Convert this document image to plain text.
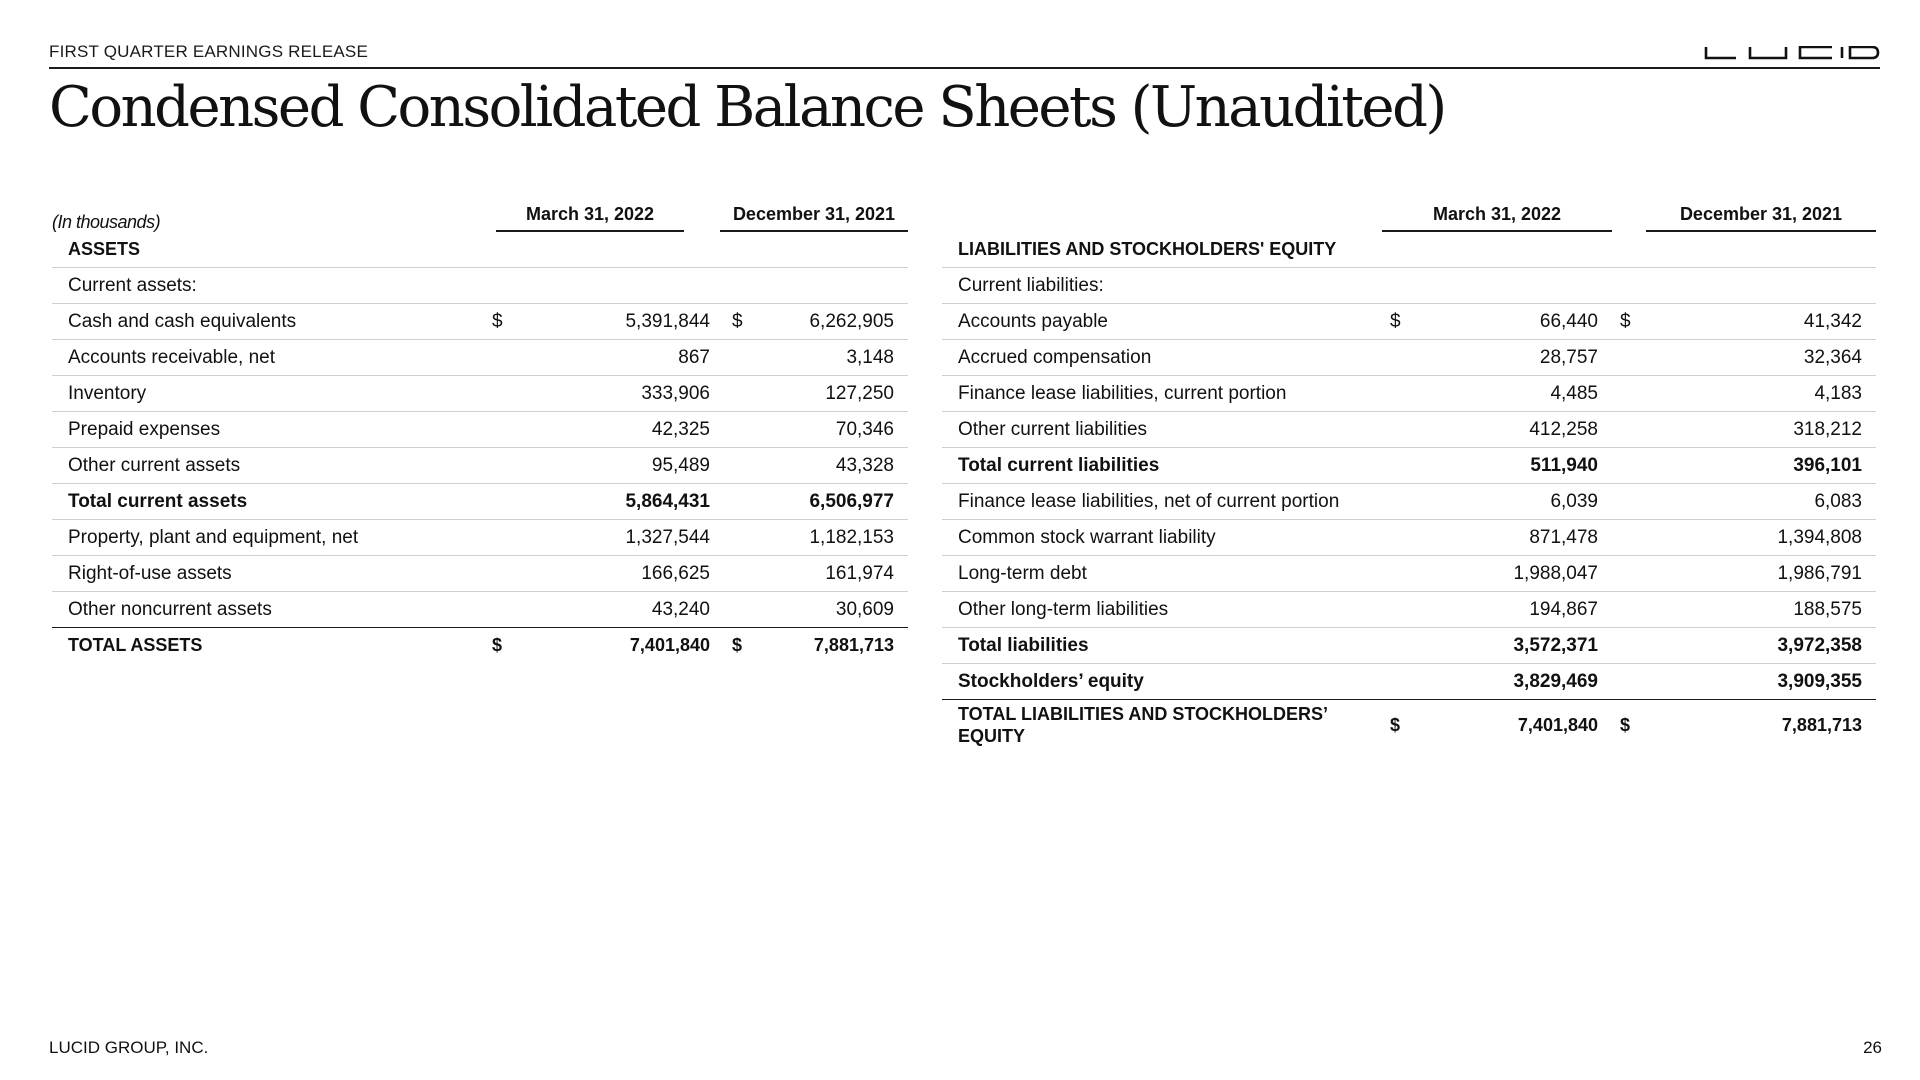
FIRST QUARTER EARNINGS RELEASE
Condensed Consolidated Balance Sheets (Unaudited)
(In thousands)	March 31, 2022	December 31, 2021	March 31, 2022	December 31, 2021
ASSETS				
Current assets:				
Cash and cash equivalents	$	5,391,844	$	6,262,905
Accounts receivable, net		867		3,148
Inventory		333,906		127,250
Prepaid expenses		42,325		70,346
Other current assets		95,489		43,328
Total current assets		5,864,431		6,506,977
Property, plant and equipment, net		1,327,544		1,182,153
Right-of-use assets		166,625		161,974
Other noncurrent assets		43,240		30,609
TOTAL ASSETS	$	7,401,840	$	7,881,713
LIABILITIES AND STOCKHOLDERS' EQUITY				
Current liabilities:				
Accounts payable	$	66,440	$	41,342
Accrued compensation		28,757		32,364
Finance lease liabilities, current portion		4,485		4,183
Other current liabilities		412,258		318,212
Total current liabilities		511,940		396,101
Finance lease liabilities, net of current portion		6,039		6,083
Common stock warrant liability		871,478		1,394,808
Long-term debt		1,988,047		1,986,791
Other long-term liabilities		194,867		188,575
Total liabilities		3,572,371		3,972,358
Stockholders’ equity		3,829,469		3,909,355
TOTAL LIABILITIES AND STOCKHOLDERS’ EQUITY	$	7,401,840	$	7,881,713
LUCID GROUP, INC.	26
